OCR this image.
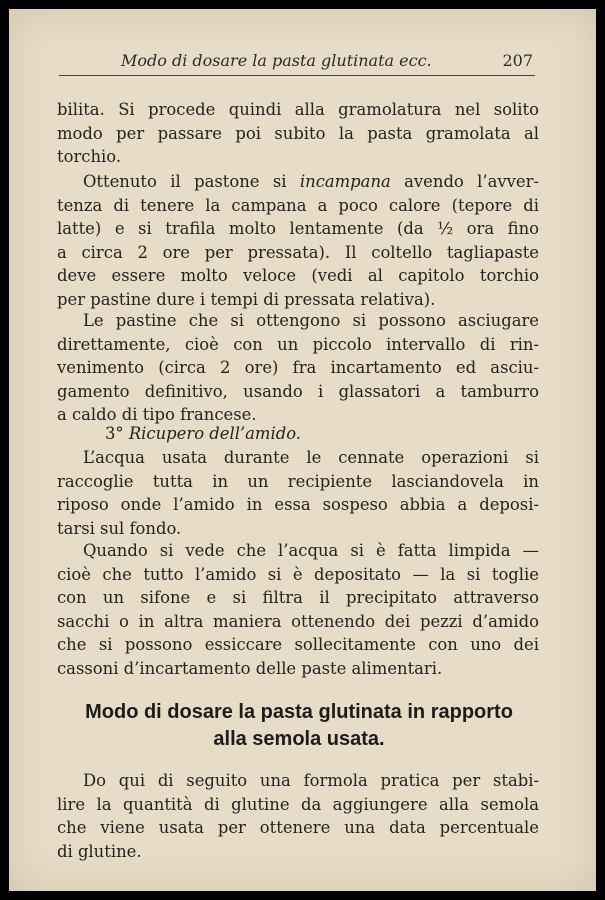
Modo di dosare la pasta glutinata ecc.	207
bilita. Si procede quindi alla gramolatura nel solito
modo per passare poi subito la pasta gramolata al
torchio.
Ottenuto il pastone si incampana avendo l’avver-
tenza di tenere la campana a poco calore (tepore di
latte) e si trafila molto lentamente (da ½ ora fino
a circa 2 ore per pressata). Il coltello tagliapaste
deve essere molto veloce (vedi al capitolo torchio
per pastine dure i tempi di pressata relativa).
Le pastine che si ottengono si possono asciugare
direttamente, cioè con un piccolo intervallo di rin-
venimento (circa 2 ore) fra incartamento ed asciu-
gamento definitivo, usando i glassatori a tamburro
a caldo di tipo francese.
3° Ricupero dell’amido.
L’acqua usata durante le cennate operazioni si
raccoglie tutta in un recipiente lasciandovela in
riposo onde l’amido in essa sospeso abbia a deposi-
tarsi sul fondo.
Quando si vede che l’acqua si è fatta limpida —
cioè che tutto l’amido si è depositato — la si toglie
con un sifone e si filtra il precipitato attraverso
sacchi o in altra maniera ottenendo dei pezzi d’amido
che si possono essiccare sollecitamente con uno dei
cassoni d’incartamento delle paste alimentari.
Modo di dosare la pasta glutinata in rapporto
alla semola usata.
Do qui di seguito una formola pratica per stabi-
lire la quantità di glutine da aggiungere alla semola
che viene usata per ottenere una data percentuale
di glutine.
